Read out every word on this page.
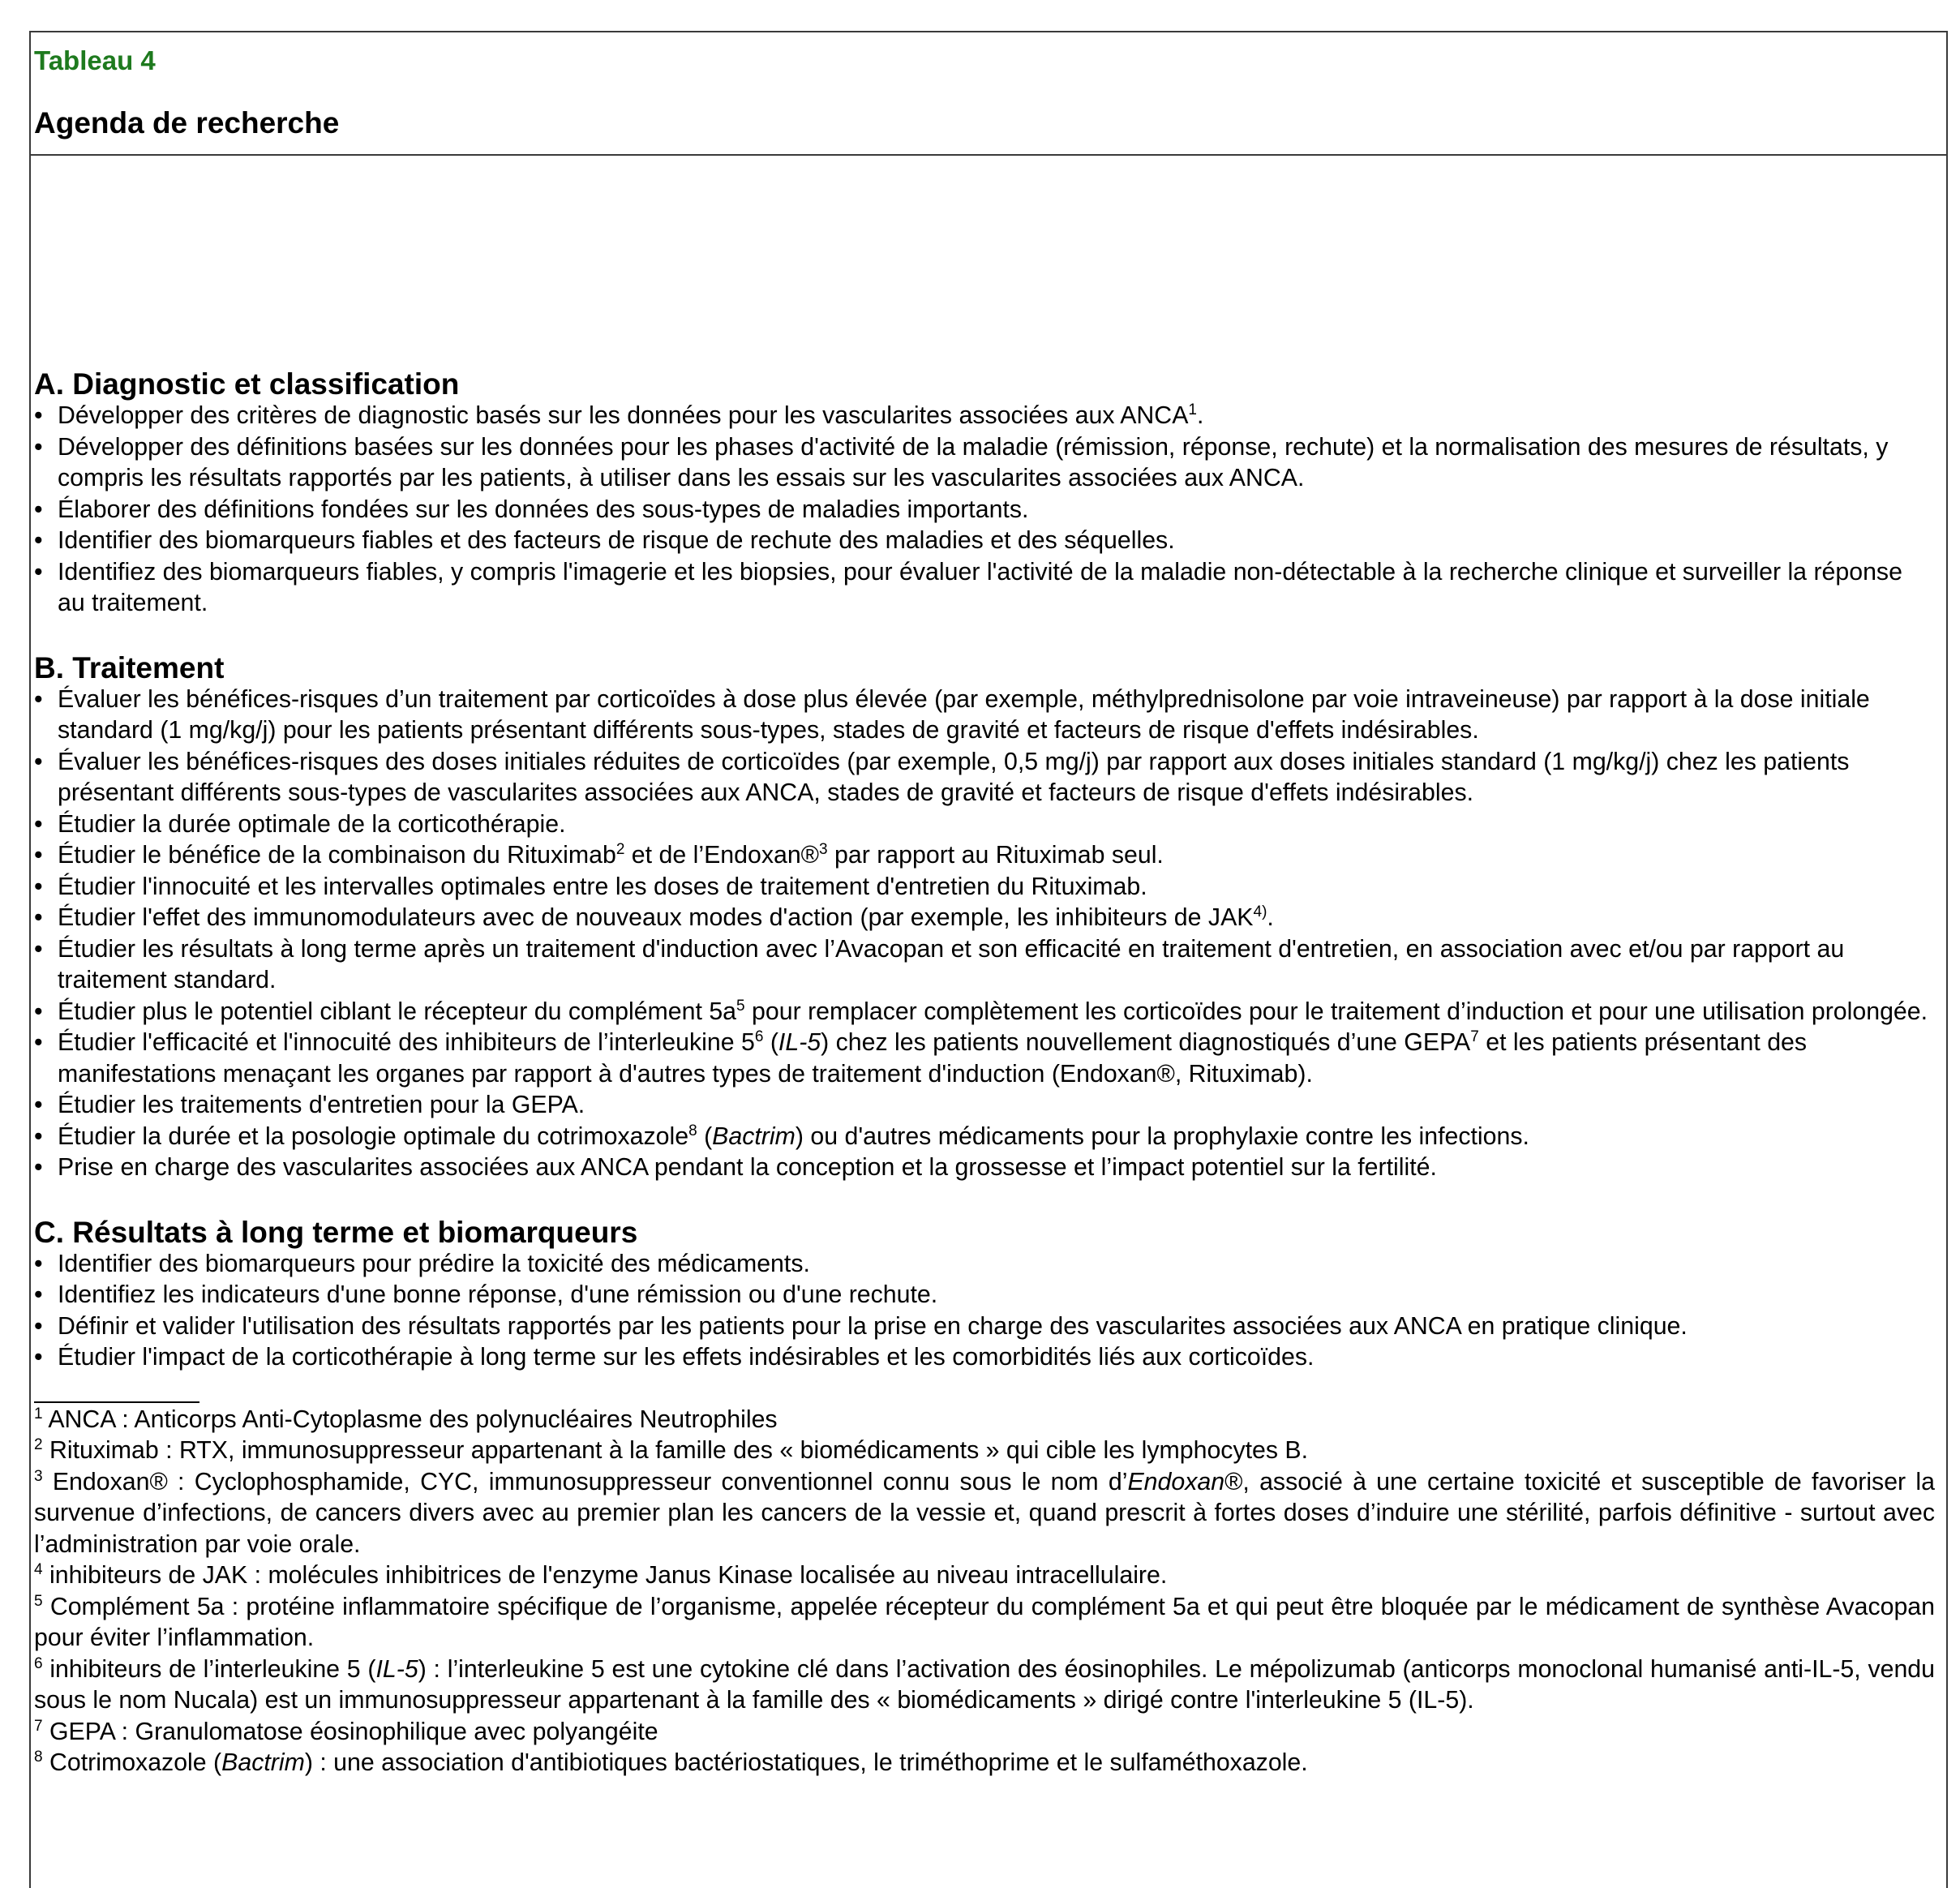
Tableau 4
Agenda de recherche
A. Diagnostic et classification
• Développer des critères de diagnostic basés sur les données pour les vascularites associées aux ANCA$^1$.
• Développer des définitions basées sur les données pour les phases d'activité de la maladie (rémission, réponse, rechute) et la normalisation des mesures de résultats, y compris les résultats rapportés par les patients, à utiliser dans les essais sur les vascularites associées aux ANCA.
• Élaborer des définitions fondées sur les données des sous-types de maladies importants.
• Identifier des biomarqueurs fiables et des facteurs de risque de rechute des maladies et des séquelles.
• Identifiez des biomarqueurs fiables, y compris l'imagerie et les biopsies, pour évaluer l'activité de la maladie non-détectable à la recherche clinique et surveiller la réponse au traitement.
B. Traitement
• Évaluer les bénéfices-risques d’un traitement par corticoïdes à dose plus élevée (par exemple, méthylprednisolone par voie intraveineuse) par rapport à la dose initiale standard (1 mg/kg/j) pour les patients présentant différents sous-types, stades de gravité et facteurs de risque d'effets indésirables.
• Évaluer les bénéfices-risques des doses initiales réduites de corticoïdes (par exemple, 0,5 mg/j) par rapport aux doses initiales standard (1 mg/kg/j) chez les patients présentant différents sous-types de vascularites associées aux ANCA, stades de gravité et facteurs de risque d'effets indésirables.
• Étudier la durée optimale de la corticothérapie.
• Étudier le bénéfice de la combinaison du Rituximab$^2$ et de l’Endoxan®$^3$ par rapport au Rituximab seul.
• Étudier l'innocuité et les intervalles optimales entre les doses de traitement d'entretien du Rituximab.
• Étudier l'effet des immunomodulateurs avec de nouveaux modes d'action (par exemple, les inhibiteurs de JAK$^{4)}$.
• Étudier les résultats à long terme après un traitement d'induction avec l’Avacopan et son efficacité en traitement d'entretien, en association avec et/ou par rapport au traitement standard.
• Étudier plus le potentiel ciblant le récepteur du complément $5a^5$ pour remplacer complètement les corticoïdes pour le traitement d’induction et pour une utilisation prolongée.
• Étudier l'efficacité et l'innocuité des inhibiteurs de l’interleukine $5^6$ (IL-5) chez les patients nouvellement diagnostiqués d’une GEPA$^7$ et les patients présentant des manifestations menaçant les organes par rapport à d'autres types de traitement d'induction (Endoxan®, Rituximab).
• Étudier les traitements d'entretien pour la GEPA.
• Étudier la durée et la posologie optimale du cotrimoxazole$^8$ (Bactrim) ou d'autres médicaments pour la prophylaxie contre les infections.
• Prise en charge des vascularites associées aux ANCA pendant la conception et la grossesse et l’impact potentiel sur la fertilité.
C. Résultats à long terme et biomarqueurs
• Identifier des biomarqueurs pour prédire la toxicité des médicaments.
• Identifiez les indicateurs d'une bonne réponse, d'une rémission ou d'une rechute.
• Définir et valider l'utilisation des résultats rapportés par les patients pour la prise en charge des vascularites associées aux ANCA en pratique clinique.
• Étudier l'impact de la corticothérapie à long terme sur les effets indésirables et les comorbidités liés aux corticoïdes.

$^1$ ANCA : Anticorps Anti-Cytoplasme des polynucléaires Neutrophiles

$^2$ Rituximab : RTX, immunosuppresseur appartenant à la famille des « biomédicaments » qui cible les lymphocytes B.

$^3$ Endoxan® : Cyclophosphamide, CYC, immunosuppresseur conventionnel connu sous le nom d’Endoxan®, associé à une certaine toxicité et susceptible de favoriser la survenue d’infections, de cancers divers avec au premier plan les cancers de la vessie et, quand prescrit à fortes doses d’induire une stérilité, parfois définitive - surtout avec l’administration par voie orale.

$^4$ inhibiteurs de JAK : molécules inhibitrices de l'enzyme Janus Kinase localisée au niveau intracellulaire.

$^5$ Complément 5a : protéine inflammatoire spécifique de l’organisme, appelée récepteur du complément 5a et qui peut être bloquée par le médicament de synthèse Avacopan pour éviter l’inflammation.

$^6$ inhibiteurs de l’interleukine 5 (IL-5) : l’interleukine 5 est une cytokine clé dans l’activation des éosinophiles. Le mépolizumab (anticorps monoclonal humanisé anti-IL-5, vendu sous le nom Nucala) est un immunosuppresseur appartenant à la famille des « biomédicaments » dirigé contre l'interleukine 5 (IL-5).

$^7$ GEPA : Granulomatose éosinophilique avec polyangéite

$^8$ Cotrimoxazole (Bactrim) : une association d'antibiotiques bactériostatiques, le triméthoprime et le sulfaméthoxazole.
